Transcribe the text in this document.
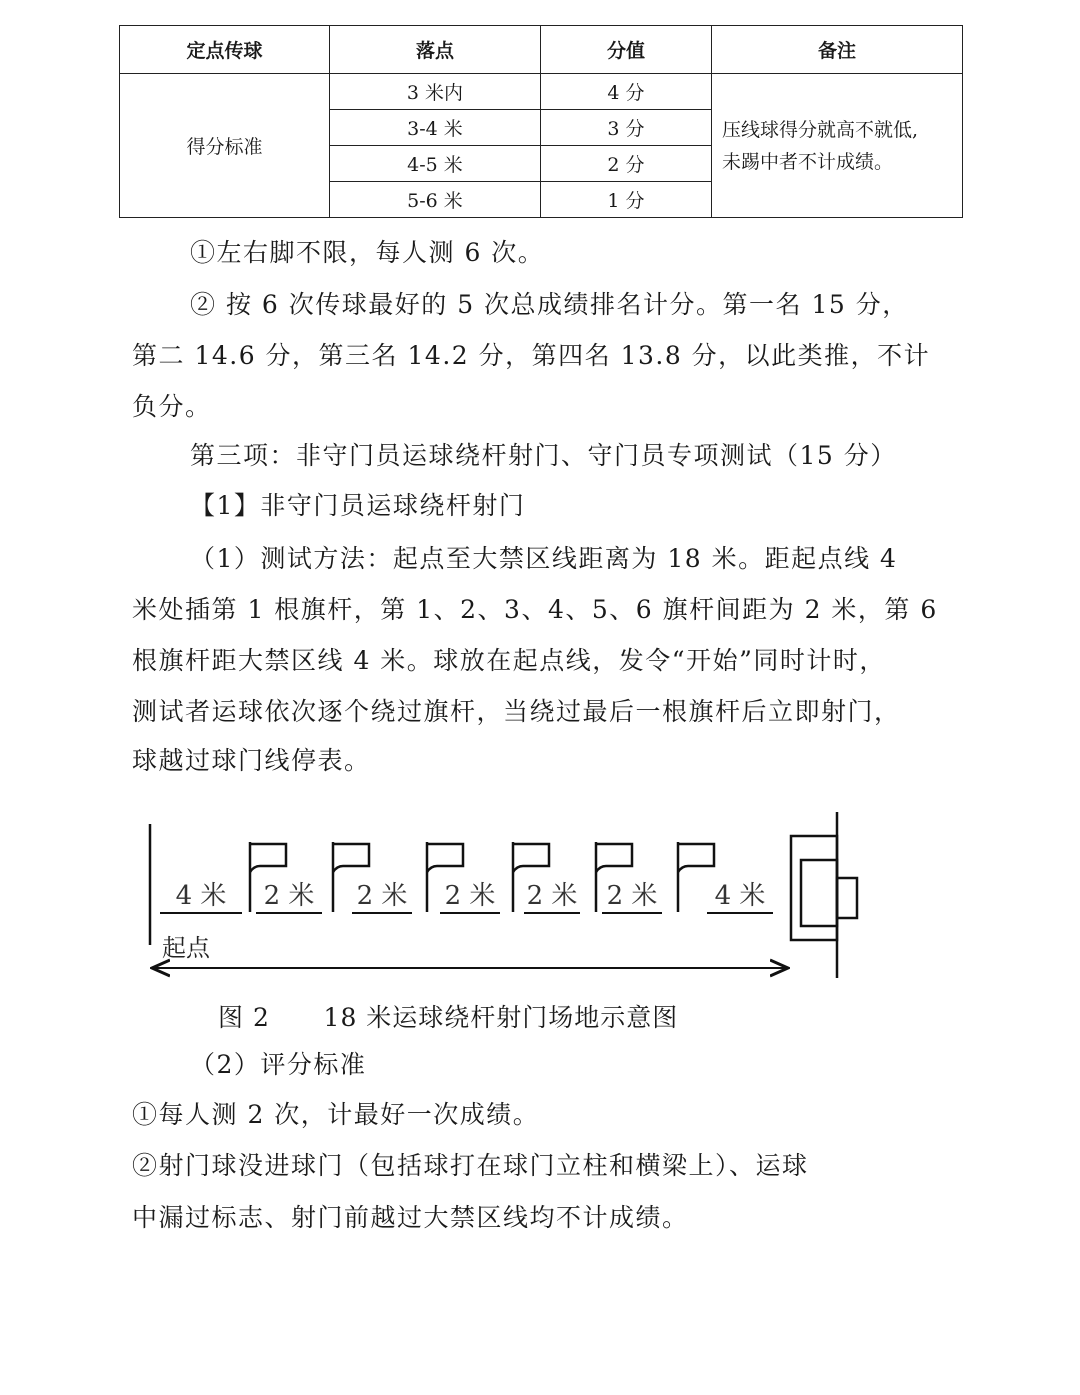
定点传球	落点	分值	备注
得分标准	3 米内	4 分	压线球得分就高不就低,
未踢中者不计成绩。

	3-4 米	3 分	
	4-5 米	2 分	
	5-6 米	1 分	
①左右脚不限，每人测 6 次。
② 按 6 次传球最好的 5 次总成绩排名计分。第一名 15 分，
第二 14.6 分，第三名 14.2 分，第四名 13.8 分，以此类推，不计
负分。
第三项：非守门员运球绕杆射门、守门员专项测试（15 分）
【1】非守门员运球绕杆射门
（1）测试方法：起点至大禁区线距离为 18 米。距起点线 4
米处插第 1 根旗杆，第 1、2、3、4、5、6 旗杆间距为 2 米，第 6
根旗杆距大禁区线 4 米。球放在起点线，发令“开始”同时计时，
测试者运球依次逐个绕过旗杆，当绕过最后一根旗杆后立即射门，
球越过球门线停表。
4 米 2 米 2 米 2 米 2 米 2 米 4 米
起点
图 2      18 米运球绕杆射门场地示意图
（2）评分标准
①每人测 2 次，计最好一次成绩。
②射门球没进球门（包括球打在球门立柱和横梁上）、运球
中漏过标志、射门前越过大禁区线均不计成绩。
